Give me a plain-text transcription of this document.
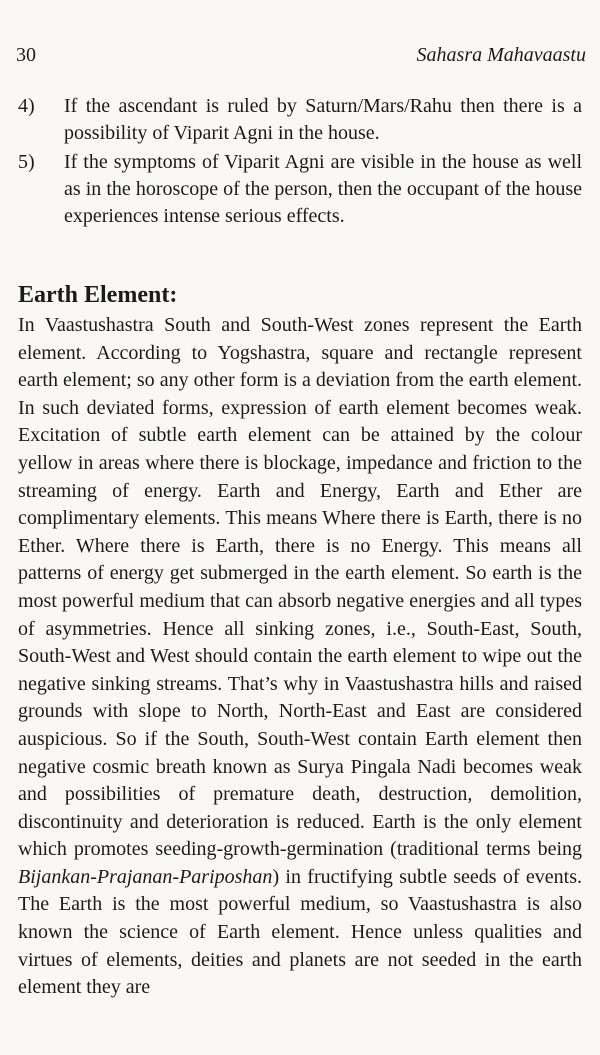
30	Sahasra Mahavaastu
4) If the ascendant is ruled by Saturn/Mars/Rahu then there is a possibility of Viparit Agni in the house.
5) If the symptoms of Viparit Agni are visible in the house as well as in the horoscope of the person, then the occupant of the house experiences intense serious effects.
Earth Element:

In Vaastushastra South and South-West zones represent the Earth element. According to Yogshastra, square and rectangle represent earth element; so any other form is a deviation from the earth element. In such deviated forms, expression of earth element becomes weak. Excitation of subtle earth element can be attained by the colour yellow in areas where there is blockage, impedance and friction to the streaming of energy. Earth and Energy, Earth and Ether are complimentary elements. This means Where there is Earth, there is no Ether. Where there is Earth, there is no Energy. This means all patterns of energy get submerged in the earth element. So earth is the most powerful medium that can absorb negative energies and all types of asymmetries. Hence all sinking zones, i.e., South-East, South, South-West and West should contain the earth element to wipe out the negative sinking streams. That’s why in Vaastushastra hills and raised grounds with slope to North, North-East and East are considered auspicious. So if the South, South-West contain Earth element then negative cosmic breath known as Surya Pingala Nadi becomes weak and possibilities of premature death, destruction, demolition, discontinuity and deterioration is reduced. Earth is the only element which promotes seeding-growth-germination (traditional terms being Bijankan-Prajanan-Pariposhan) in fructifying subtle seeds of events. The Earth is the most powerful medium, so Vaastushastra is also known the science of Earth element. Hence unless qualities and virtues of elements, deities and planets are not seeded in the earth element they are
